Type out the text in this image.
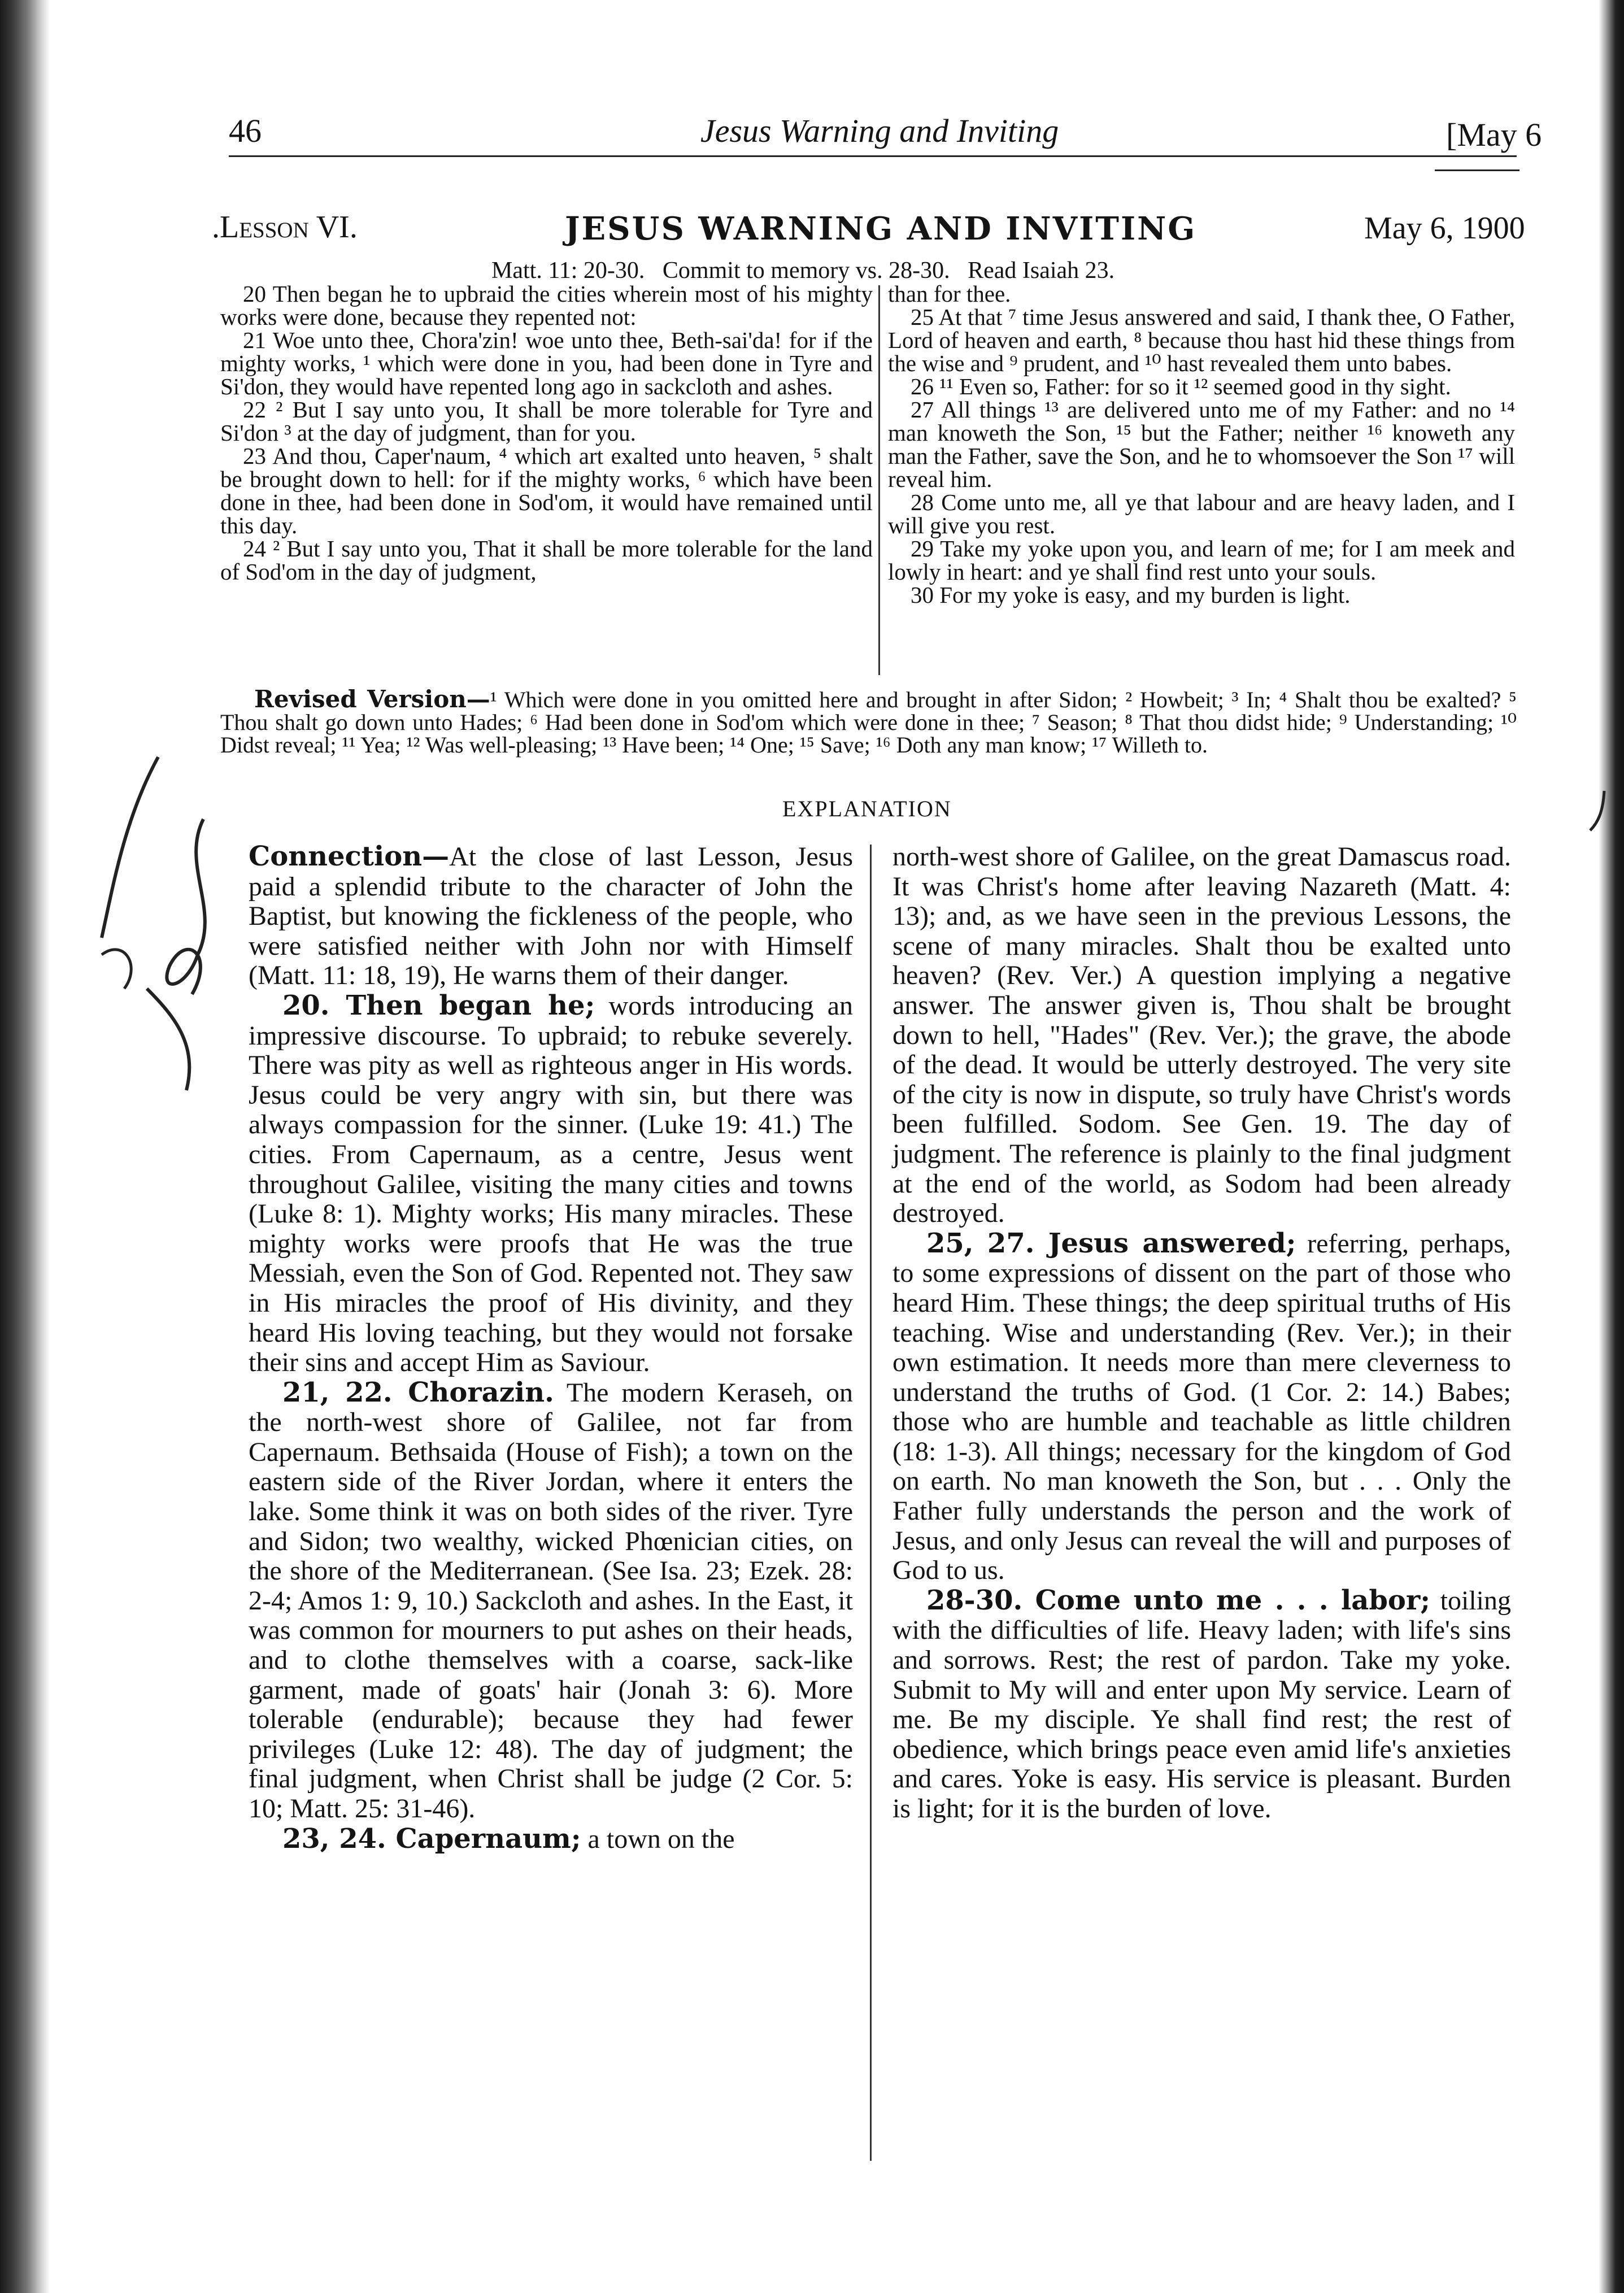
46	Jesus Warning and Inviting	[May 6
.Lesson VI.	JESUS WARNING AND INVITING	May 6, 1900
Matt. 11: 20-30.   Commit to memory vs. 28-30.   Read Isaiah 23.

20 Then began he to upbraid the cities wherein most of his mighty works were done, because they repented not:

21 Woe unto thee, Chora'zin! woe unto thee, Beth-sai'da! for if the mighty works, ¹ which were done in you, had been done in Tyre and Si'don, they would have repented long ago in sackcloth and ashes.

22 ² But I say unto you, It shall be more tolerable for Tyre and Si'don ³ at the day of judgment, than for you.

23 And thou, Caper'naum, ⁴ which art exalted unto heaven, ⁵ shalt be brought down to hell: for if the mighty works, ⁶ which have been done in thee, had been done in Sod'om, it would have remained until this day.

24 ² But I say unto you, That it shall be more tolerable for the land of Sod'om in the day of judgment,

than for thee.

25 At that ⁷ time Jesus answered and said, I thank thee, O Father, Lord of heaven and earth, ⁸ because thou hast hid these things from the wise and ⁹ prudent, and ¹⁰ hast revealed them unto babes.

26 ¹¹ Even so, Father: for so it ¹² seemed good in thy sight.

27 All things ¹³ are delivered unto me of my Father: and no ¹⁴ man knoweth the Son, ¹⁵ but the Father; neither ¹⁶ knoweth any man the Father, save the Son, and he to whomsoever the Son ¹⁷ will reveal him.

28 Come unto me, all ye that labour and are heavy laden, and I will give you rest.

29 Take my yoke upon you, and learn of me; for I am meek and lowly in heart: and ye shall find rest unto your souls.

30 For my yoke is easy, and my burden is light.

Revised Version—¹ Which were done in you omitted here and brought in after Sidon; ² Howbeit; ³ In; ⁴ Shalt thou be exalted? ⁵ Thou shalt go down unto Hades; ⁶ Had been done in Sod'om which were done in thee; ⁷ Season; ⁸ That thou didst hide; ⁹ Understanding; ¹⁰ Didst reveal; ¹¹ Yea; ¹² Was well-pleasing; ¹³ Have been; ¹⁴ One; ¹⁵ Save; ¹⁶ Doth any man know; ¹⁷ Willeth to.
EXPLANATION

Connection—At the close of last Lesson, Jesus paid a splendid tribute to the character of John the Baptist, but knowing the fickleness of the people, who were satisfied neither with John nor with Himself (Matt. 11: 18, 19), He warns them of their danger.

20. Then began he; words introducing an impressive discourse. To upbraid; to rebuke severely. There was pity as well as righteous anger in His words. Jesus could be very angry with sin, but there was always compassion for the sinner. (Luke 19: 41.) The cities. From Capernaum, as a centre, Jesus went throughout Galilee, visiting the many cities and towns (Luke 8: 1). Mighty works; His many miracles. These mighty works were proofs that He was the true Messiah, even the Son of God. Repented not. They saw in His miracles the proof of His divinity, and they heard His loving teaching, but they would not forsake their sins and accept Him as Saviour.

21, 22. Chorazin. The modern Keraseh, on the north-west shore of Galilee, not far from Capernaum. Bethsaida (House of Fish); a town on the eastern side of the River Jordan, where it enters the lake. Some think it was on both sides of the river. Tyre and Sidon; two wealthy, wicked Phœnician cities, on the shore of the Mediterranean. (See Isa. 23; Ezek. 28: 2-4; Amos 1: 9, 10.) Sackcloth and ashes. In the East, it was common for mourners to put ashes on their heads, and to clothe themselves with a coarse, sack-like garment, made of goats' hair (Jonah 3: 6). More tolerable (endurable); because they had fewer privileges (Luke 12: 48). The day of judgment; the final judgment, when Christ shall be judge (2 Cor. 5: 10; Matt. 25: 31-46).

23, 24. Capernaum; a town on the

north-west shore of Galilee, on the great Damascus road. It was Christ's home after leaving Nazareth (Matt. 4: 13); and, as we have seen in the previous Lessons, the scene of many miracles. Shalt thou be exalted unto heaven? (Rev. Ver.) A question implying a negative answer. The answer given is, Thou shalt be brought down to hell, "Hades" (Rev. Ver.); the grave, the abode of the dead. It would be utterly destroyed. The very site of the city is now in dispute, so truly have Christ's words been fulfilled. Sodom. See Gen. 19. The day of judgment. The reference is plainly to the final judgment at the end of the world, as Sodom had been already destroyed.

25, 27. Jesus answered; referring, perhaps, to some expressions of dissent on the part of those who heard Him. These things; the deep spiritual truths of His teaching. Wise and understanding (Rev. Ver.); in their own estimation. It needs more than mere cleverness to understand the truths of God. (1 Cor. 2: 14.) Babes; those who are humble and teachable as little children (18: 1-3). All things; necessary for the kingdom of God on earth. No man knoweth the Son, but . . . Only the Father fully understands the person and the work of Jesus, and only Jesus can reveal the will and purposes of God to us.

28-30. Come unto me . . . labor; toiling with the difficulties of life. Heavy laden; with life's sins and sorrows. Rest; the rest of pardon. Take my yoke. Submit to My will and enter upon My service. Learn of me. Be my disciple. Ye shall find rest; the rest of obedience, which brings peace even amid life's anxieties and cares. Yoke is easy. His service is pleasant. Burden is light; for it is the burden of love.
